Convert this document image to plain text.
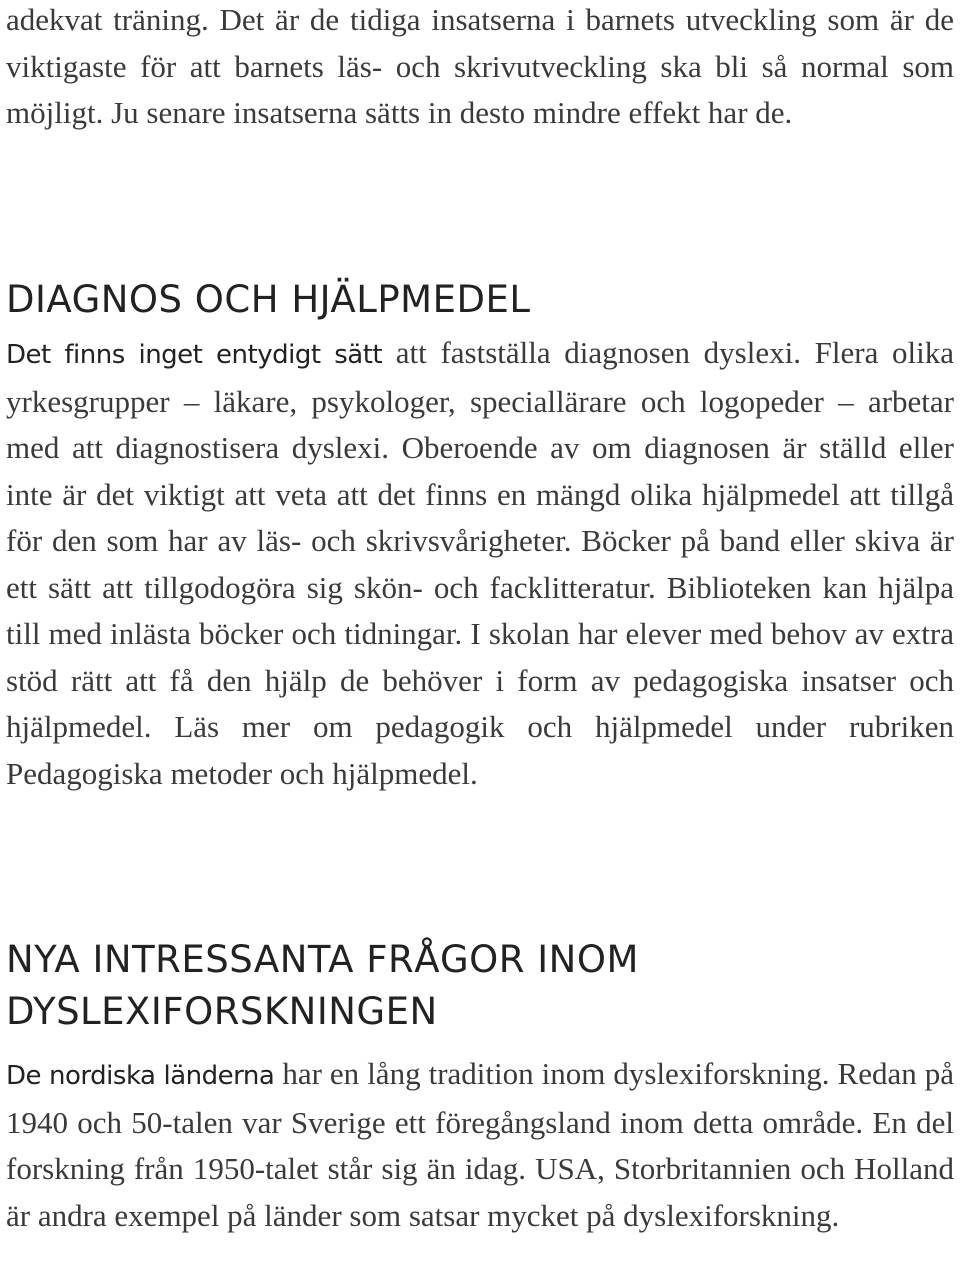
adekvat träning. Det är de tidiga insatserna i barnets utveckling som är de viktigaste för att barnets läs- och skrivutveckling ska bli så normal som möjligt. Ju senare insatserna sätts in desto mindre effekt har de.

DIAGNOS OCH HJÄLPMEDEL

Det finns inget entydigt sätt att fastställa diagnosen dyslexi. Flera olika yrkesgrupper – läkare, psykologer, speciallärare och logopeder – arbetar med att diagnostisera dyslexi. Oberoende av om diagnosen är ställd eller inte är det viktigt att veta att det finns en mängd olika hjälpmedel att tillgå för den som har av läs- och skrivsvårigheter. Böcker på band eller skiva är ett sätt att tillgodogöra sig skön- och facklitteratur. Biblioteken kan hjälpa till med inlästa böcker och tidningar. I skolan har elever med behov av extra stöd rätt att få den hjälp de behöver i form av pedagogiska insatser och hjälpmedel. Läs mer om pedagogik och hjälpmedel under rubriken Pedagogiska metoder och hjälpmedel.

NYA INTRESSANTA FRÅGOR INOM DYSLEXIFORSKNINGEN

De nordiska länderna har en lång tradition inom dyslexiforskning. Redan på 1940 och 50-talen var Sverige ett föregångsland inom detta område. En del forskning från 1950-talet står sig än idag. USA, Storbritannien och Holland är andra exempel på länder som satsar mycket på dyslexiforskning.
